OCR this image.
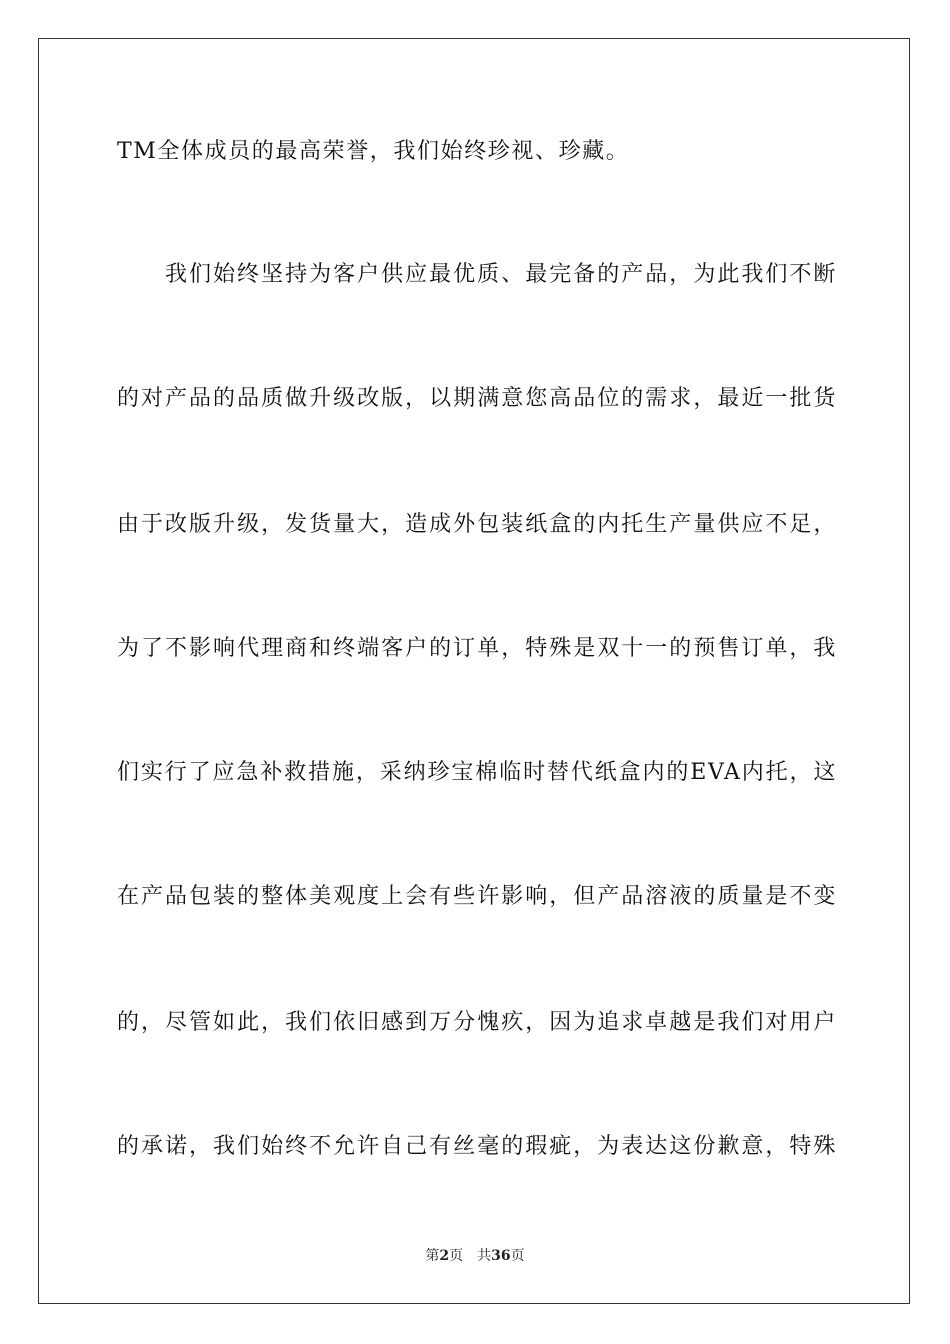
TM全体成员的最高荣誉，我们始终珍视、珍藏。
我们始终坚持为客户供应最优质、最完备的产品，为此我们不断
的对产品的品质做升级改版，以期满意您高品位的需求，最近一批货
由于改版升级，发货量大，造成外包装纸盒的内托生产量供应不足，
为了不影响代理商和终端客户的订单，特殊是双十一的预售订单，我
们实行了应急补救措施，采纳珍宝棉临时替代纸盒内的EVA内托，这
在产品包装的整体美观度上会有些许影响，但产品溶液的质量是不变
的，尽管如此，我们依旧感到万分愧疚，因为追求卓越是我们对用户
的承诺，我们始终不允许自己有丝毫的瑕疵，为表达这份歉意，特殊
第2页 共36页
